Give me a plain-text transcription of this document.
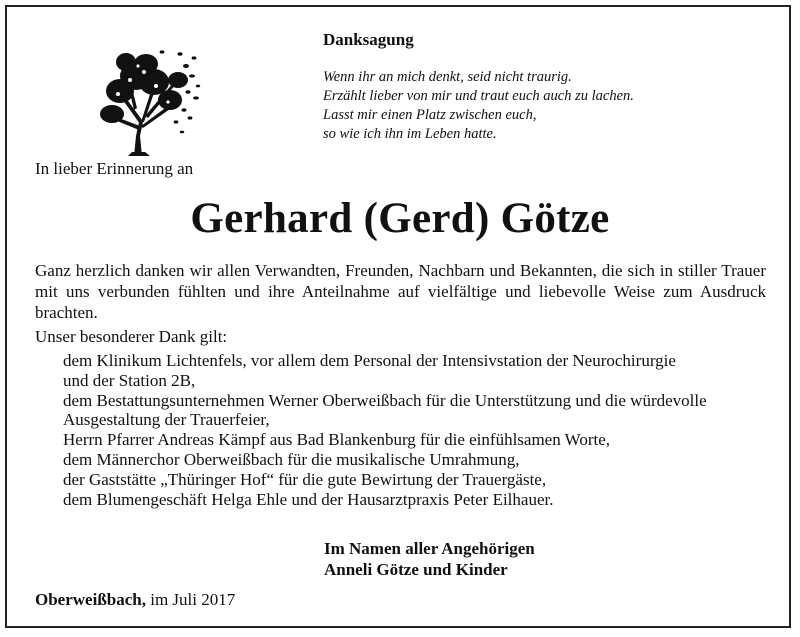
Danksagung
Wenn ihr an mich denkt, seid nicht traurig.
Erzählt lieber von mir und traut euch auch zu lachen.
Lasst mir einen Platz zwischen euch,
so wie ich ihn im Leben hatte.
In lieber Erinnerung an
Gerhard (Gerd) Götze
Ganz herzlich danken wir allen Verwandten, Freunden, Nachbarn und Bekannten, die sich in stiller Trauer mit uns verbunden fühlten und ihre Anteilnahme auf vielfältige und liebevolle Weise zum Ausdruck brachten.
Unser besonderer Dank gilt:
dem Klinikum Lichtenfels, vor allem dem Personal der Intensivstation der Neurochirurgie
und der Station 2B,
dem Bestattungsunternehmen Werner Oberweißbach für die Unterstützung und die würdevolle
Ausgestaltung der Trauerfeier,
Herrn Pfarrer Andreas Kämpf aus Bad Blankenburg für die einfühlsamen Worte,
dem Männerchor Oberweißbach für die musikalische Umrahmung,
der Gaststätte „Thüringer Hof“ für die gute Bewirtung der Trauergäste,
dem Blumengeschäft Helga Ehle und der Hausarztpraxis Peter Eilhauer.
Im Namen aller Angehörigen
Anneli Götze und Kinder
Oberweißbach, im Juli 2017
